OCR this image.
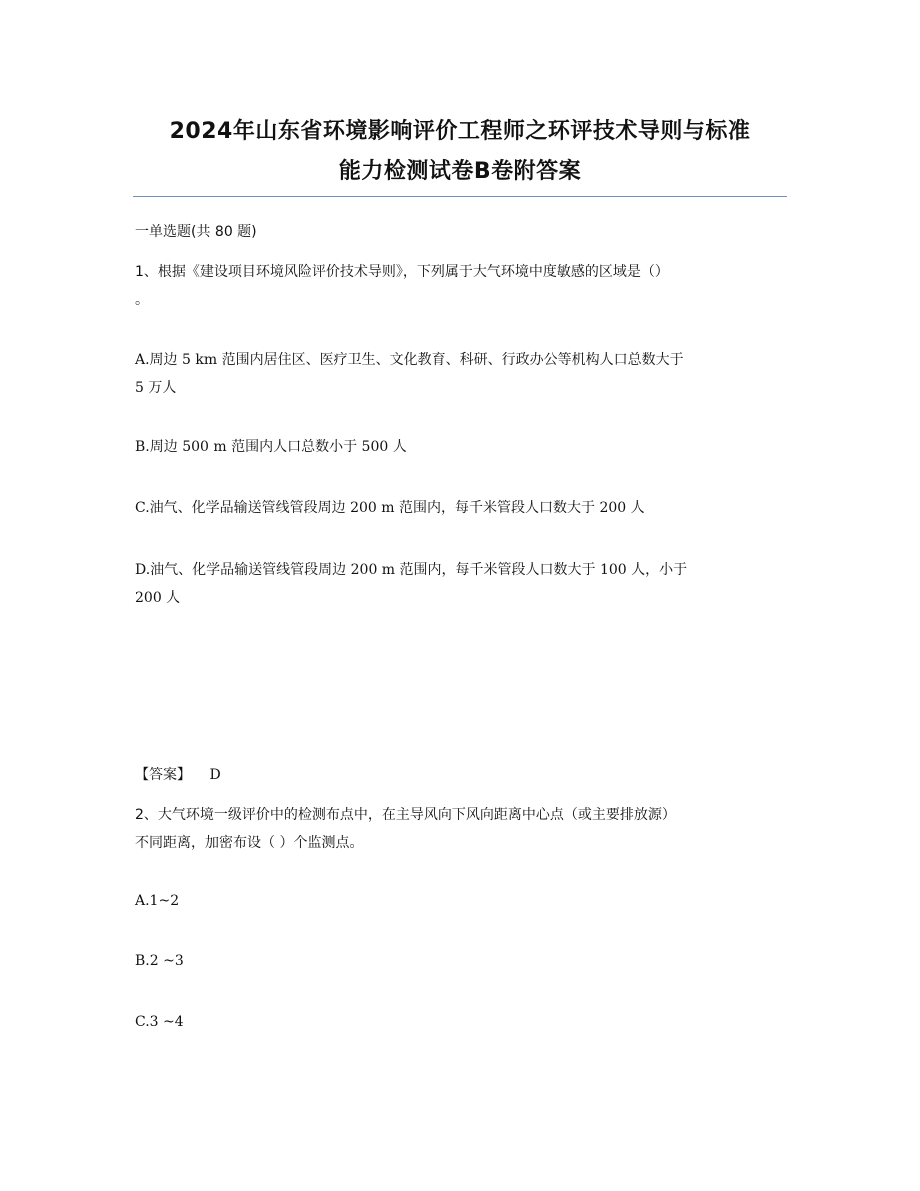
2024年山东省环境影响评价工程师之环评技术导则与标准
能力检测试卷B卷附答案
一单选题(共 80 题)
1、根据《建设项目环境风险评价技术导则》，下列属于大气环境中度敏感的区域是（）
。
A.周边 5 km 范围内居住区、医疗卫生、文化教育、科研、行政办公等机构人口总数大于
5 万人
B.周边 500 m 范围内人口总数小于 500 人
C.油气、化学品输送管线管段周边 200 m 范围内，每千米管段人口数大于 200 人
D.油气、化学品输送管线管段周边 200 m 范围内，每千米管段人口数大于 100 人，小于
200 人
【答案】 D
2、大气环境一级评价中的检测布点中，在主导风向下风向距离中心点（或主要排放源）
不同距离，加密布设（ ）个监测点。
A.1~2
B.2 ~3
C.3 ~4
